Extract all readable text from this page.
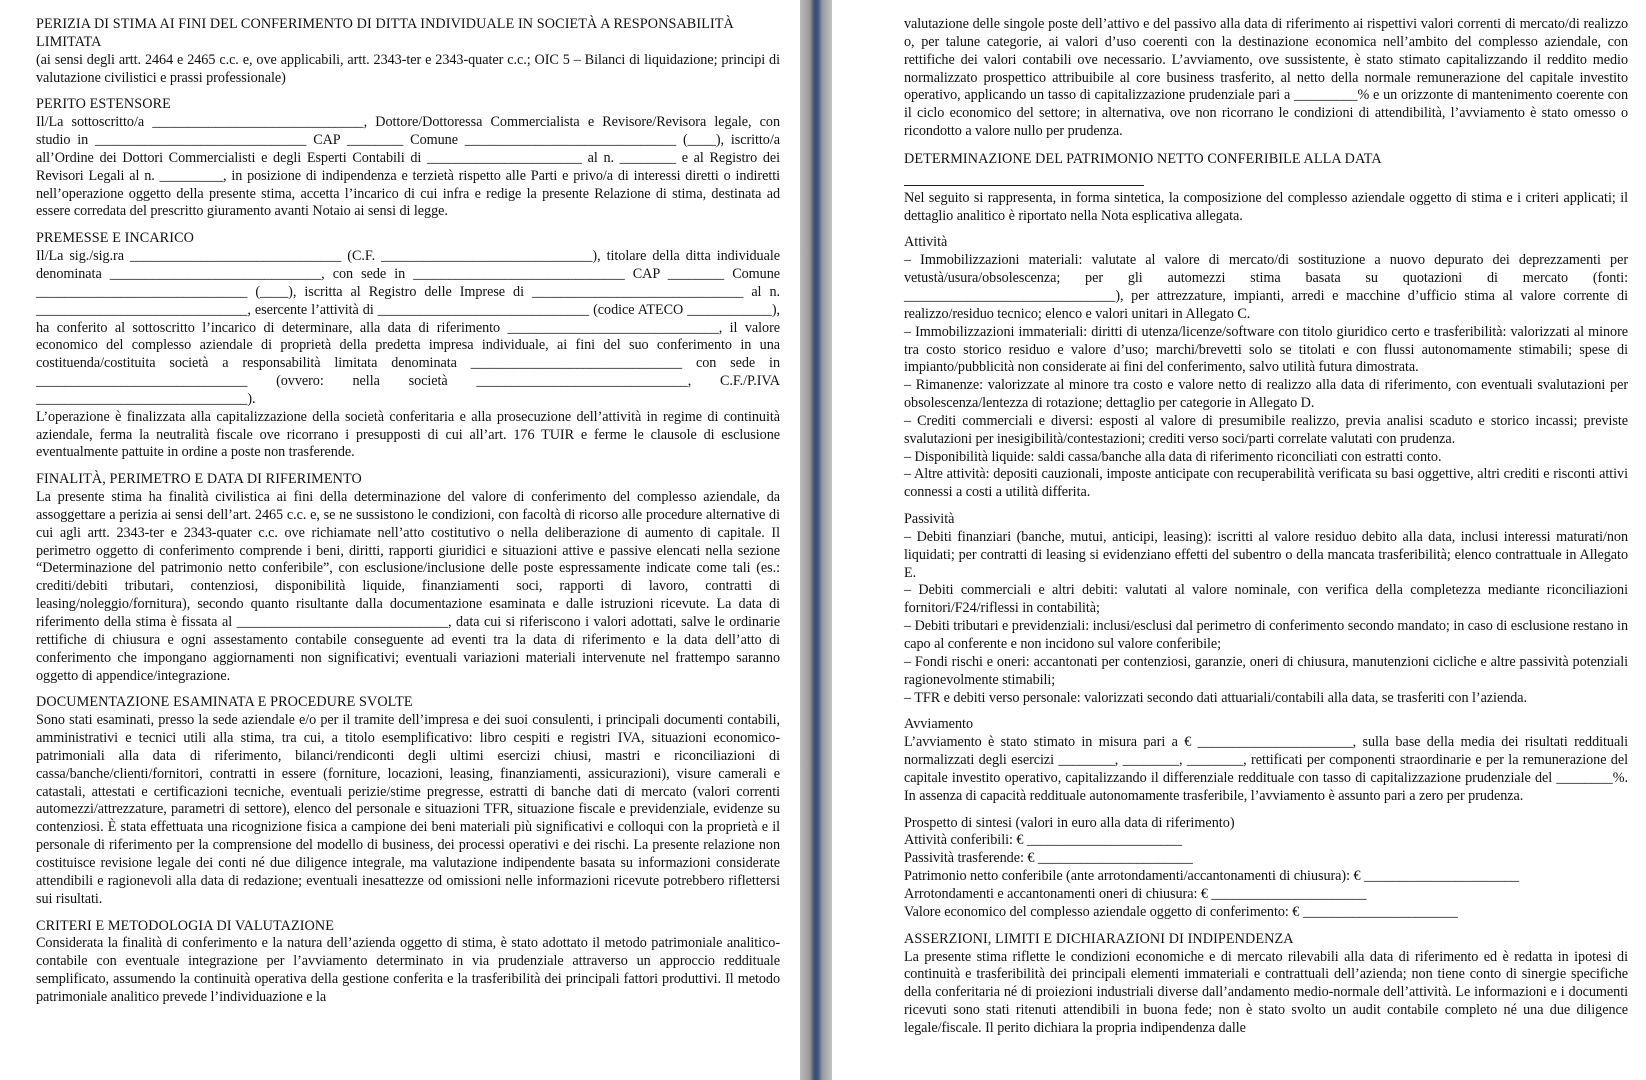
PERIZIA DI STIMA AI FINI DEL CONFERIMENTO DI DITTA INDIVIDUALE IN SOCIETÀ A RESPONSABILITÀ LIMITATA

(ai sensi degli artt. 2464 e 2465 c.c. e, ove applicabili, artt. 2343-ter e 2343-quater c.c.; OIC 5 – Bilanci di liquidazione; principi di valutazione civilistici e prassi professionale)

PERITO ESTENSORE

Il/La sottoscritto/a ______________________________, Dottore/Dottoressa Commercialista e Revisore/Revisora legale, con studio in ______________________________ CAP ________ Comune ______________________________ (____), iscritto/a all’Ordine dei Dottori Commercialisti e degli Esperti Contabili di ______________________ al n. ________ e al Registro dei Revisori Legali al n. _________, in posizione di indipendenza e terzietà rispetto alle Parti e privo/a di interessi diretti o indiretti nell’operazione oggetto della presente stima, accetta l’incarico di cui infra e redige la presente Relazione di stima, destinata ad essere corredata del prescritto giuramento avanti Notaio ai sensi di legge.

PREMESSE E INCARICO

Il/La sig./sig.ra ______________________________ (C.F. ______________________________), titolare della ditta individuale denominata ______________________________, con sede in ______________________________ CAP ________ Comune ______________________________ (____), iscritta al Registro delle Imprese di ______________________________ al n. ______________________________, esercente l’attività di ______________________________ (codice ATECO ____________), ha conferito al sottoscritto l’incarico di determinare, alla data di riferimento ______________________________, il valore economico del complesso aziendale di proprietà della predetta impresa individuale, ai fini del suo conferimento in una costituenda/costituita società a responsabilità limitata denominata ______________________________ con sede in ______________________________ (ovvero: nella società ______________________________, C.F./P.IVA ______________________________).

L’operazione è finalizzata alla capitalizzazione della società conferitaria e alla prosecuzione dell’attività in regime di continuità aziendale, ferma la neutralità fiscale ove ricorrano i presupposti di cui all’art. 176 TUIR e ferme le clausole di esclusione eventualmente pattuite in ordine a poste non trasferende.

FINALITÀ, PERIMETRO E DATA DI RIFERIMENTO

La presente stima ha finalità civilistica ai fini della determinazione del valore di conferimento del complesso aziendale, da assoggettare a perizia ai sensi dell’art. 2465 c.c. e, se ne sussistono le condizioni, con facoltà di ricorso alle procedure alternative di cui agli artt. 2343-ter e 2343-quater c.c. ove richiamate nell’atto costitutivo o nella deliberazione di aumento di capitale. Il perimetro oggetto di conferimento comprende i beni, diritti, rapporti giuridici e situazioni attive e passive elencati nella sezione “Determinazione del patrimonio netto conferibile”, con esclusione/inclusione delle poste espressamente indicate come tali (es.: crediti/debiti tributari, contenziosi, disponibilità liquide, finanziamenti soci, rapporti di lavoro, contratti di leasing/noleggio/fornitura), secondo quanto risultante dalla documentazione esaminata e dalle istruzioni ricevute. La data di riferimento della stima è fissata al ______________________________, data cui si riferiscono i valori adottati, salve le ordinarie rettifiche di chiusura e ogni assestamento contabile conseguente ad eventi tra la data di riferimento e la data dell’atto di conferimento che impongano aggiornamenti non significativi; eventuali variazioni materiali intervenute nel frattempo saranno oggetto di appendice/integrazione.

DOCUMENTAZIONE ESAMINATA E PROCEDURE SVOLTE

Sono stati esaminati, presso la sede aziendale e/o per il tramite dell’impresa e dei suoi consulenti, i principali documenti contabili, amministrativi e tecnici utili alla stima, tra cui, a titolo esemplificativo: libro cespiti e registri IVA, situazioni economico-patrimoniali alla data di riferimento, bilanci/rendiconti degli ultimi esercizi chiusi, mastri e riconciliazioni di cassa/banche/clienti/fornitori, contratti in essere (forniture, locazioni, leasing, finanziamenti, assicurazioni), visure camerali e catastali, attestati e certificazioni tecniche, eventuali perizie/stime pregresse, estratti di banche dati di mercato (valori correnti automezzi/attrezzature, parametri di settore), elenco del personale e situazioni TFR, situazione fiscale e previdenziale, evidenze su contenziosi. È stata effettuata una ricognizione fisica a campione dei beni materiali più significativi e colloqui con la proprietà e il personale di riferimento per la comprensione del modello di business, dei processi operativi e dei rischi. La presente relazione non costituisce revisione legale dei conti né due diligence integrale, ma valutazione indipendente basata su informazioni considerate attendibili e ragionevoli alla data di redazione; eventuali inesattezze od omissioni nelle informazioni ricevute potrebbero riflettersi sui risultati.

CRITERI E METODOLOGIA DI VALUTAZIONE

Considerata la finalità di conferimento e la natura dell’azienda oggetto di stima, è stato adottato il metodo patrimoniale analitico-contabile con eventuale integrazione per l’avviamento determinato in via prudenziale attraverso un approccio reddituale semplificato, assumendo la continuità operativa della gestione conferita e la trasferibilità dei principali fattori produttivi. Il metodo patrimoniale analitico prevede l’individuazione e la

valutazione delle singole poste dell’attivo e del passivo alla data di riferimento ai rispettivi valori correnti di mercato/di realizzo o, per talune categorie, ai valori d’uso coerenti con la destinazione economica nell’ambito del complesso aziendale, con rettifiche dei valori contabili ove necessario. L’avviamento, ove sussistente, è stato stimato capitalizzando il reddito medio normalizzato prospettico attribuibile al core business trasferito, al netto della normale remunerazione del capitale investito operativo, applicando un tasso di capitalizzazione prudenziale pari a _________% e un orizzonte di mantenimento coerente con il ciclo economico del settore; in alternativa, ove non ricorrano le condizioni di attendibilità, l’avviamento è stato omesso o ricondotto a valore nullo per prudenza.

DETERMINAZIONE DEL PATRIMONIO NETTO CONFERIBILE ALLA DATA

Nel seguito si rappresenta, in forma sintetica, la composizione del complesso aziendale oggetto di stima e i criteri applicati; il dettaglio analitico è riportato nella Nota esplicativa allegata.

Attività

– Immobilizzazioni materiali: valutate al valore di mercato/di sostituzione a nuovo depurato dei deprezzamenti per vetustà/usura/obsolescenza; per gli automezzi stima basata su quotazioni di mercato (fonti: ______________________________), per attrezzature, impianti, arredi e macchine d’ufficio stima al valore corrente di realizzo/residuo tecnico; elenco e valori unitari in Allegato C.

– Immobilizzazioni immateriali: diritti di utenza/licenze/software con titolo giuridico certo e trasferibilità: valorizzati al minore tra costo storico residuo e valore d’uso; marchi/brevetti solo se titolati e con flussi autonomamente stimabili; spese di impianto/pubblicità non considerate ai fini del conferimento, salvo utilità futura dimostrata.

– Rimanenze: valorizzate al minore tra costo e valore netto di realizzo alla data di riferimento, con eventuali svalutazioni per obsolescenza/lentezza di rotazione; dettaglio per categorie in Allegato D.

– Crediti commerciali e diversi: esposti al valore di presumibile realizzo, previa analisi scaduto e storico incassi; previste svalutazioni per inesigibilità/contestazioni; crediti verso soci/parti correlate valutati con prudenza.

– Disponibilità liquide: saldi cassa/banche alla data di riferimento riconciliati con estratti conto.

– Altre attività: depositi cauzionali, imposte anticipate con recuperabilità verificata su basi oggettive, altri crediti e risconti attivi connessi a costi a utilità differita.

Passività

– Debiti finanziari (banche, mutui, anticipi, leasing): iscritti al valore residuo debito alla data, inclusi interessi maturati/non liquidati; per contratti di leasing si evidenziano effetti del subentro o della mancata trasferibilità; elenco contrattuale in Allegato E.

– Debiti commerciali e altri debiti: valutati al valore nominale, con verifica della completezza mediante riconciliazioni fornitori/F24/riflessi in contabilità;

– Debiti tributari e previdenziali: inclusi/esclusi dal perimetro di conferimento secondo mandato; in caso di esclusione restano in capo al conferente e non incidono sul valore conferibile;

– Fondi rischi e oneri: accantonati per contenziosi, garanzie, oneri di chiusura, manutenzioni cicliche e altre passività potenziali ragionevolmente stimabili;

– TFR e debiti verso personale: valorizzati secondo dati attuariali/contabili alla data, se trasferiti con l’azienda.

Avviamento

L’avviamento è stato stimato in misura pari a € ______________________, sulla base della media dei risultati reddituali normalizzati degli esercizi ________, ________, ________, rettificati per componenti straordinarie e per la remunerazione del capitale investito operativo, capitalizzando il differenziale reddituale con tasso di capitalizzazione prudenziale del ________%. In assenza di capacità reddituale autonomamente trasferibile, l’avviamento è assunto pari a zero per prudenza.

Prospetto di sintesi (valori in euro alla data di riferimento)

Attività conferibili: € ______________________

Passività trasferende: € ______________________

Patrimonio netto conferibile (ante arrotondamenti/accantonamenti di chiusura): € ______________________

Arrotondamenti e accantonamenti oneri di chiusura: € ______________________

Valore economico del complesso aziendale oggetto di conferimento: € ______________________

ASSERZIONI, LIMITI E DICHIARAZIONI DI INDIPENDENZA

La presente stima riflette le condizioni economiche e di mercato rilevabili alla data di riferimento ed è redatta in ipotesi di continuità e trasferibilità dei principali elementi immateriali e contrattuali dell’azienda; non tiene conto di sinergie specifiche della conferitaria né di proiezioni industriali diverse dall’andamento medio-normale dell’attività. Le informazioni e i documenti ricevuti sono stati ritenuti attendibili in buona fede; non è stato svolto un audit contabile completo né una due diligence legale/fiscale. Il perito dichiara la propria indipendenza dalle
